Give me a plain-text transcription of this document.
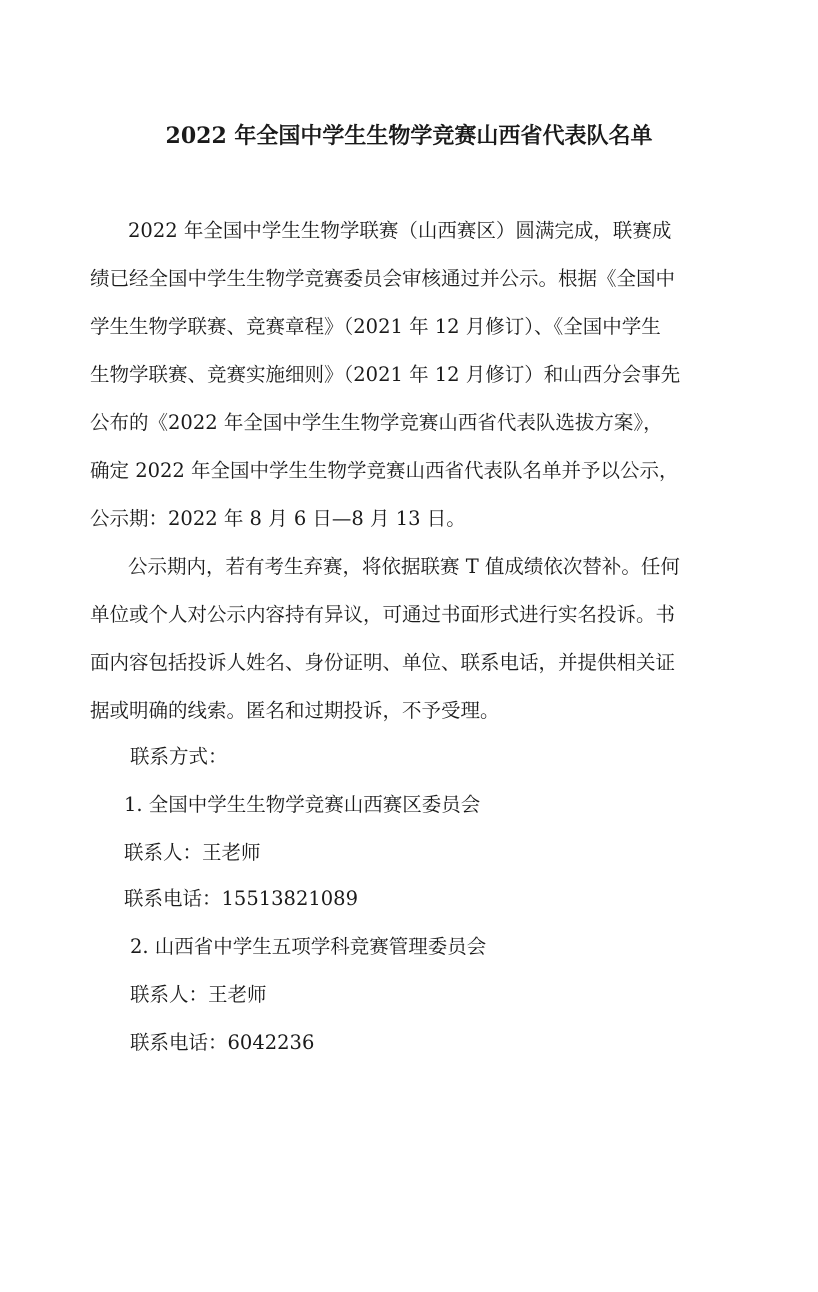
2022 年全国中学生生物学竞赛山西省代表队名单

2022 年全国中学生生物学联赛（山西赛区）圆满完成，联赛成

绩已经全国中学生生物学竞赛委员会审核通过并公示。根据《全国中

学生生物学联赛、竞赛章程》（2021 年 12 月修订）、《全国中学生

生物学联赛、竞赛实施细则》（2021 年 12 月修订）和山西分会事先

公布的《2022 年全国中学生生物学竞赛山西省代表队选拔方案》，

确定 2022 年全国中学生生物学竞赛山西省代表队名单并予以公示，

公示期：2022 年 8 月 6 日—8 月 13 日。

公示期内，若有考生弃赛，将依据联赛 T 值成绩依次替补。任何

单位或个人对公示内容持有异议，可通过书面形式进行实名投诉。书

面内容包括投诉人姓名、身份证明、单位、联系电话，并提供相关证

据或明确的线索。匿名和过期投诉，不予受理。

联系方式：

1. 全国中学生生物学竞赛山西赛区委员会

联系人：王老师

联系电话：15513821089

2. 山西省中学生五项学科竞赛管理委员会

联系人：王老师

联系电话：6042236
